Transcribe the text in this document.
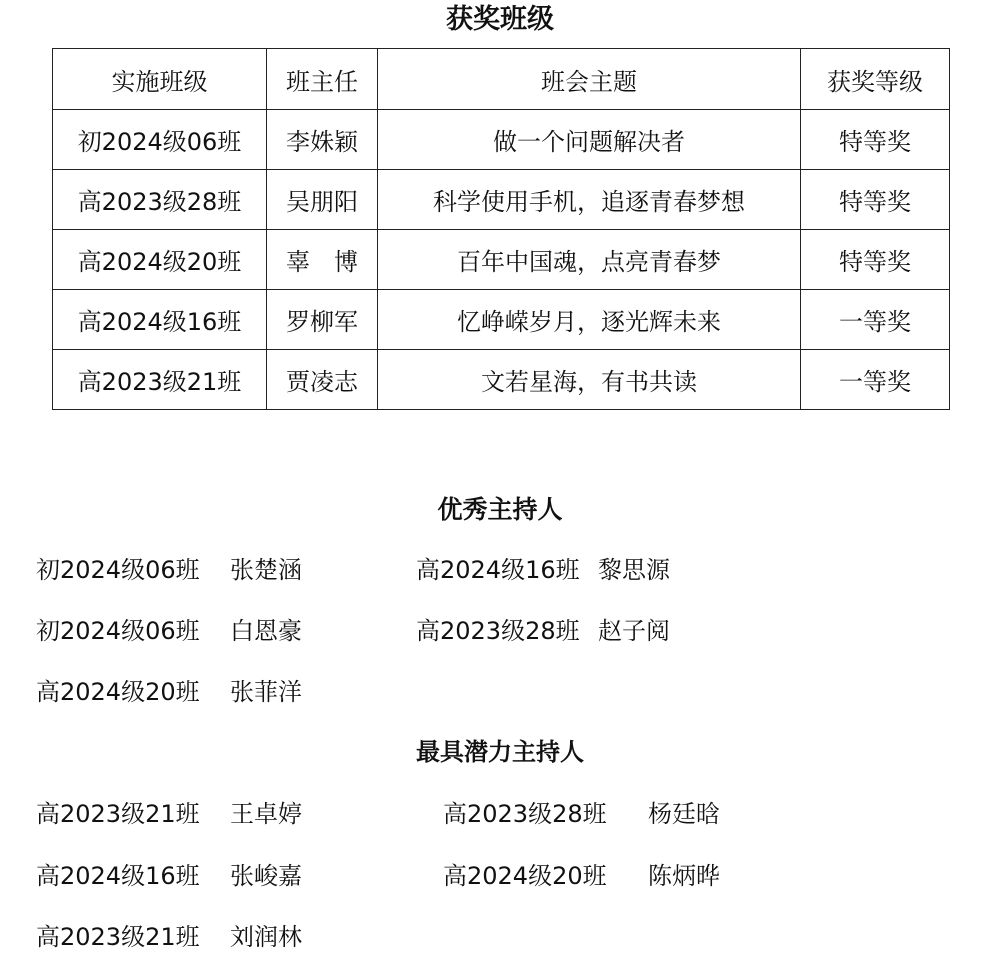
获奖班级
实施班级	班主任	班会主题	获奖等级
初2024级06班	李姝颖	做一个问题解决者	特等奖
高2023级28班	吴朋阳	科学使用手机，追逐青春梦想	特等奖
高2024级20班	辜　博	百年中国魂，点亮青春梦	特等奖
高2024级16班	罗柳军	忆峥嵘岁月，逐光辉未来	一等奖
高2023级21班	贾凌志	文若星海，有书共读	一等奖
优秀主持人
初2024级06班 张楚涵
初2024级06班 白恩豪
高2024级20班 张菲洋
高2024级16班 黎思源
高2023级28班 赵子阅
最具潜力主持人
高2023级21班 王卓婷
高2024级16班 张峻嘉
高2023级21班 刘润林
高2023级28班 杨廷晗
高2024级20班 陈炳晔
